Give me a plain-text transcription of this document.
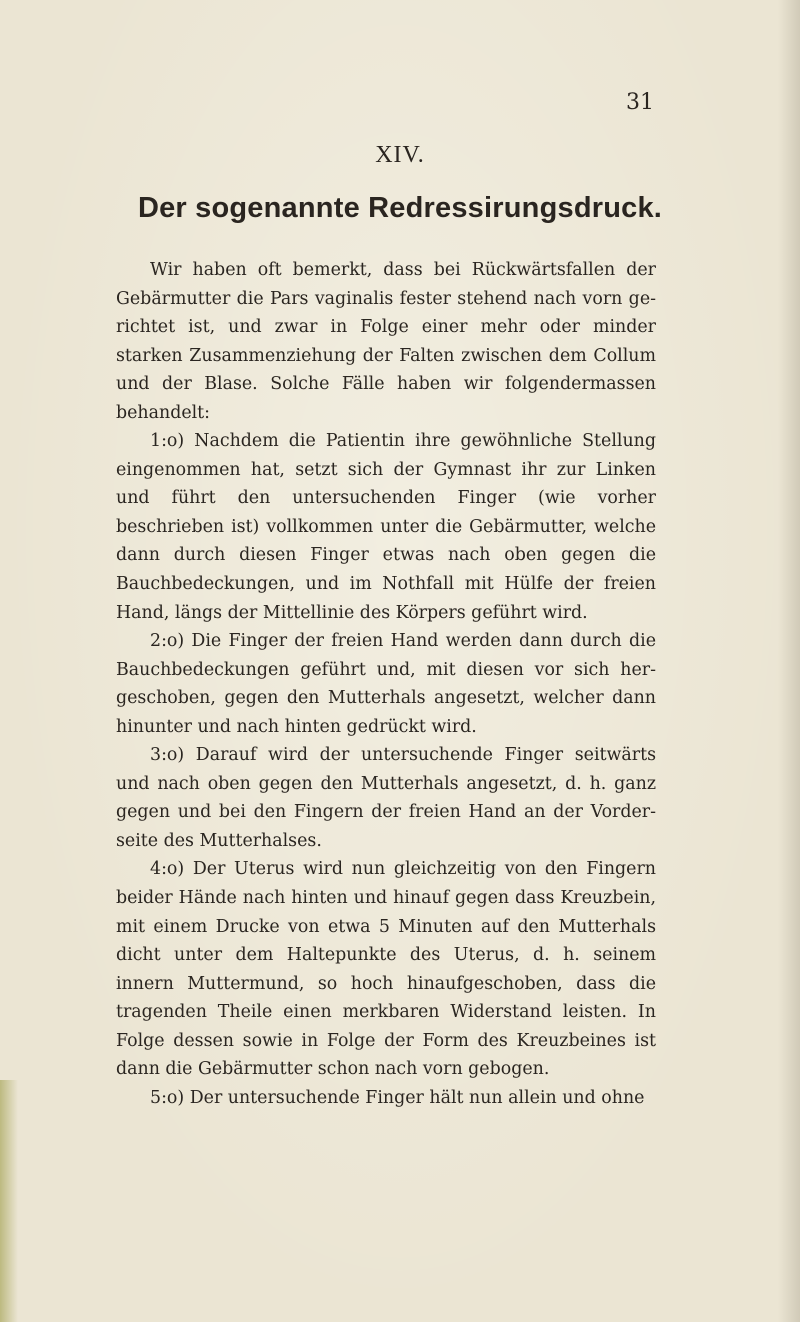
31
XIV.
Der sogenannte Redressirungsdruck.

Wir haben oft bemerkt, dass bei Rückwärtsfallen der Gebärmutter die Pars vaginalis fester stehend nach vorn gerichtet ist, und zwar in Folge einer mehr oder minder starken Zusammenziehung der Falten zwischen dem Collum und der Blase. Solche Fälle haben wir folgendermassen behandelt:

1:o) Nachdem die Patientin ihre gewöhnliche Stellung eingenommen hat, setzt sich der Gymnast ihr zur Linken und führt den untersuchenden Finger (wie vorher beschrieben ist) vollkommen unter die Gebärmutter, welche dann durch diesen Finger etwas nach oben gegen die Bauchbedeckungen, und im Nothfall mit Hülfe der freien Hand, längs der Mittellinie des Körpers geführt wird.

2:o) Die Finger der freien Hand werden dann durch die Bauchbedeckungen geführt und, mit diesen vor sich hergeschoben, gegen den Mutterhals angesetzt, welcher dann hinunter und nach hinten gedrückt wird.

3:o) Darauf wird der untersuchende Finger seitwärts und nach oben gegen den Mutterhals angesetzt, d. h. ganz gegen und bei den Fingern der freien Hand an der Vorderseite des Mutterhalses.

4:o) Der Uterus wird nun gleichzeitig von den Fingern beider Hände nach hinten und hinauf gegen dass Kreuzbein, mit einem Drucke von etwa 5 Minuten auf den Mutterhals dicht unter dem Haltepunkte des Uterus, d. h. seinem innern Muttermund, so hoch hinaufgeschoben, dass die tragenden Theile einen merkbaren Widerstand leisten. In Folge dessen sowie in Folge der Form des Kreuzbeines ist dann die Gebärmutter schon nach vorn gebogen.

5:o) Der untersuchende Finger hält nun allein und ohne
